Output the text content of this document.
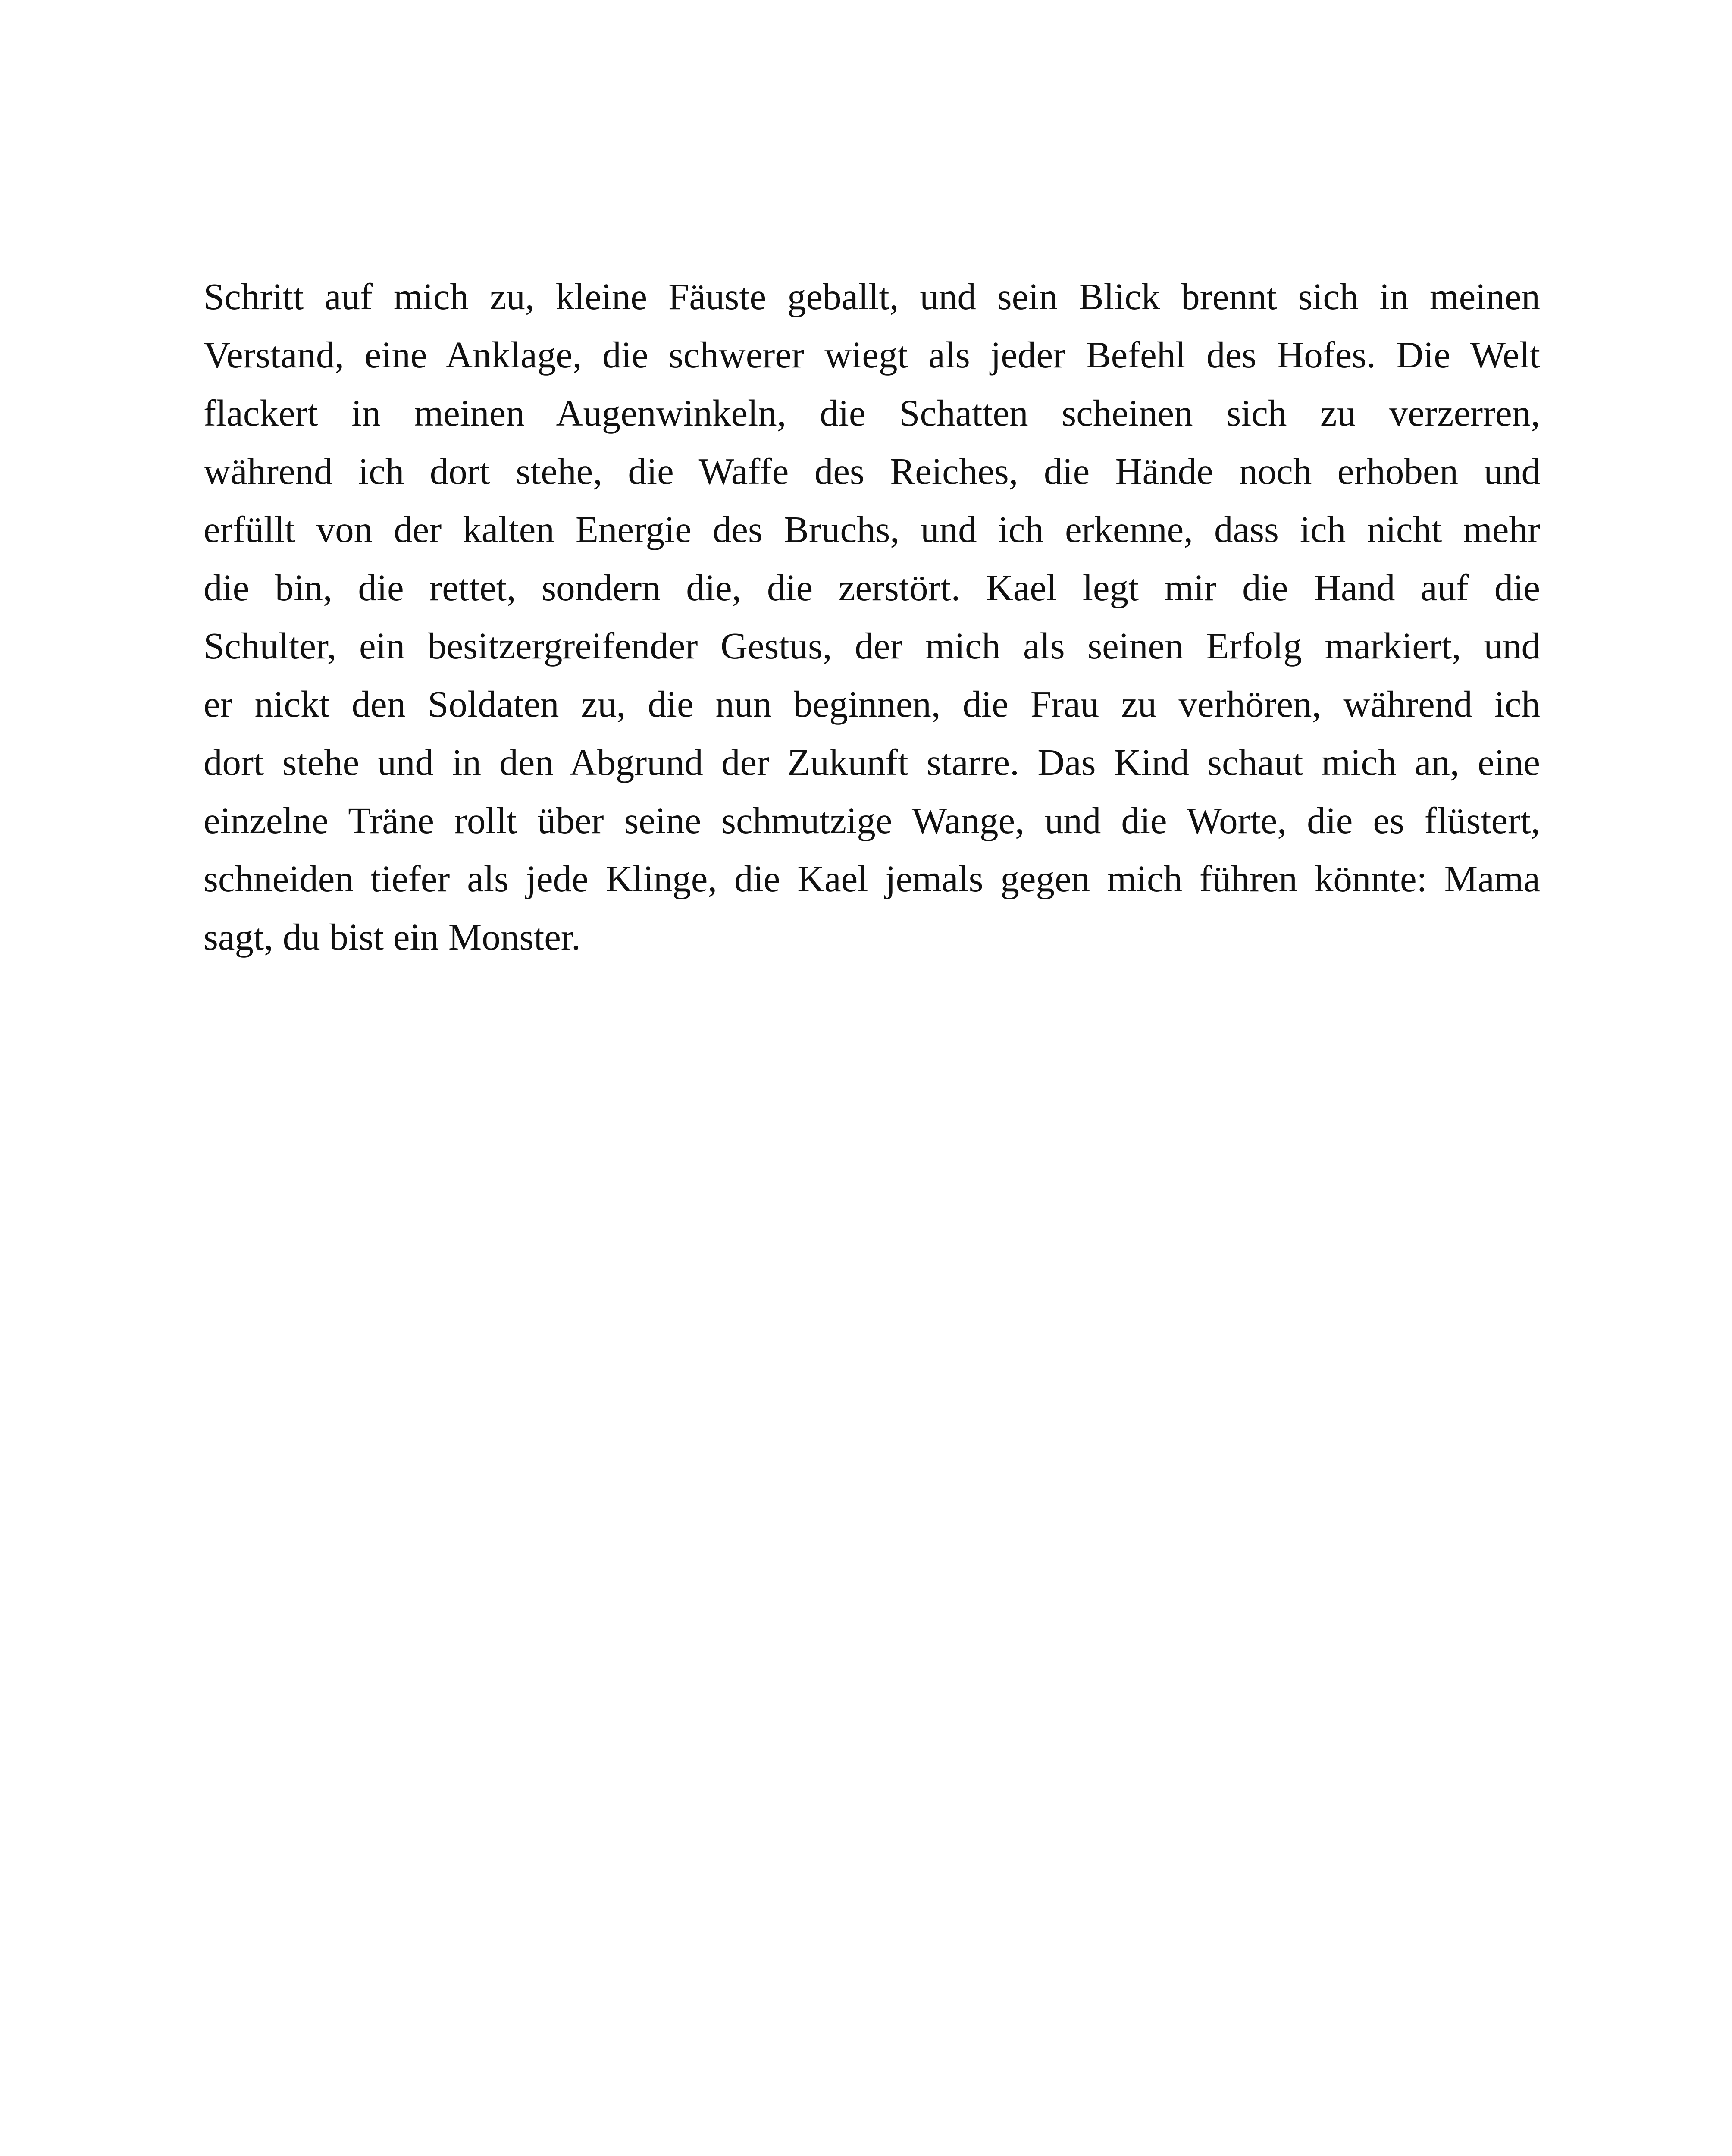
Schritt auf mich zu, kleine Fäuste geballt, und sein Blick brennt sich in meinen
Verstand, eine Anklage, die schwerer wiegt als jeder Befehl des Hofes. Die Welt
flackert in meinen Augenwinkeln, die Schatten scheinen sich zu verzerren,
während ich dort stehe, die Waffe des Reiches, die Hände noch erhoben und
erfüllt von der kalten Energie des Bruchs, und ich erkenne, dass ich nicht mehr
die bin, die rettet, sondern die, die zerstört. Kael legt mir die Hand auf die
Schulter, ein besitzergreifender Gestus, der mich als seinen Erfolg markiert, und
er nickt den Soldaten zu, die nun beginnen, die Frau zu verhören, während ich
dort stehe und in den Abgrund der Zukunft starre. Das Kind schaut mich an, eine
einzelne Träne rollt über seine schmutzige Wange, und die Worte, die es flüstert,
schneiden tiefer als jede Klinge, die Kael jemals gegen mich führen könnte: Mama
sagt, du bist ein Monster.
